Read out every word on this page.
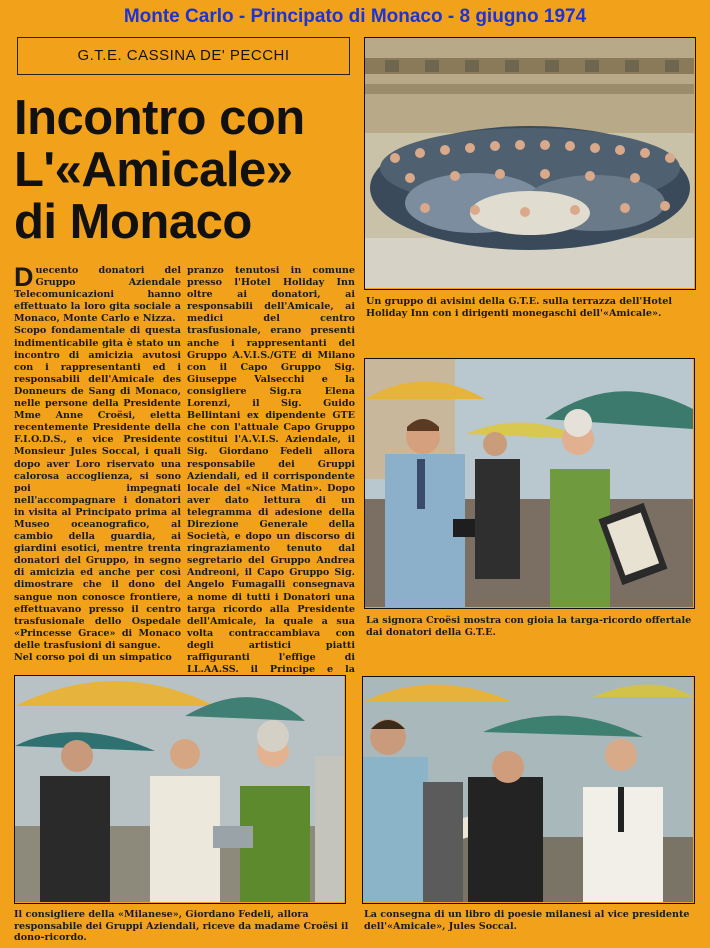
Monte Carlo - Principato di Monaco - 8 giugno 1974
G.T.E. CASSINA DE' PECCHI
Incontro con
L'«Amicale»
di Monaco
D uecento donatori del Gruppo Aziendale Telecomunicazioni hanno effettuato la loro gita sociale a Monaco, Monte Carlo e Nizza.
Scopo fondamentale di questa indimenticabile gita è stato un incontro di amicizia avutosi con i rappresentanti ed i responsabili dell'Amicale des Donneurs de Sang di Monaco, nelle persone della Presidente Mme Anne Croësi, eletta recentemente Presidente della F.I.O.D.S., e vice Presidente Monsieur Jules Soccal, i quali dopo aver Loro riservato una calorosa accoglienza, si sono poi impegnati nell'accompagnare i donatori in visita al Principato prima al Museo oceanografico, al cambio della guardia, ai giardini esotici, mentre trenta donatori del Gruppo, in segno di amicizia ed anche per così dimostrare che il dono del sangue non conosce frontiere, effettuavano presso il centro trasfusionale dello Ospedale «Princesse Grace» di Monaco delle trasfusioni di sangue.
Nel corso poi di un simpatico
pranzo tenutosi in comune presso l'Hotel Holiday Inn oltre ai donatori, ai responsabili dell'Amicale, ai medici del centro trasfusionale, erano presenti anche i rappresentanti del Gruppo A.V.I.S./GTE di Milano con il Capo Gruppo Sig. Giuseppe Valsecchi e la consigliere Sig.ra Elena Lorenzi, il Sig. Guido Bellintani ex dipendente GTE che con l'attuale Capo Gruppo costitui l'A.V.I.S. Aziendale, il Sig. Giordano Fedeli allora responsabile dei Gruppi Aziendali, ed il corrispondente locale del «Nice Matin». Dopo aver dato lettura di un telegramma di adesione della Direzione Generale della Società, e dopo un discorso di ringraziamento tenuto dal segretario del Gruppo Andrea Andreoni, il Capo Gruppo Sig. Angelo Fumagalli consegnava a nome di tutti i Donatori una targa ricordo alla Presidente dell'Amicale, la quale a sua volta contraccambiava con degli artistici piatti raffiguranti l'effige di LL.AA.SS. il Principe e la
Un gruppo di avisini della G.T.E. sulla terrazza dell'Hotel Holiday Inn con i dirigenti monegaschi dell'«Amicale».
La signora Croësi mostra con gioia la targa-ricordo offertale dai donatori della G.T.E.
Il consigliere della «Milanese», Giordano Fedeli, allora responsabile dei Gruppi Aziendali, riceve da madame Croësi il dono-ricordo.
La consegna di un libro di poesie milanesi al vice presidente dell'«Amicale», Jules Soccal.
